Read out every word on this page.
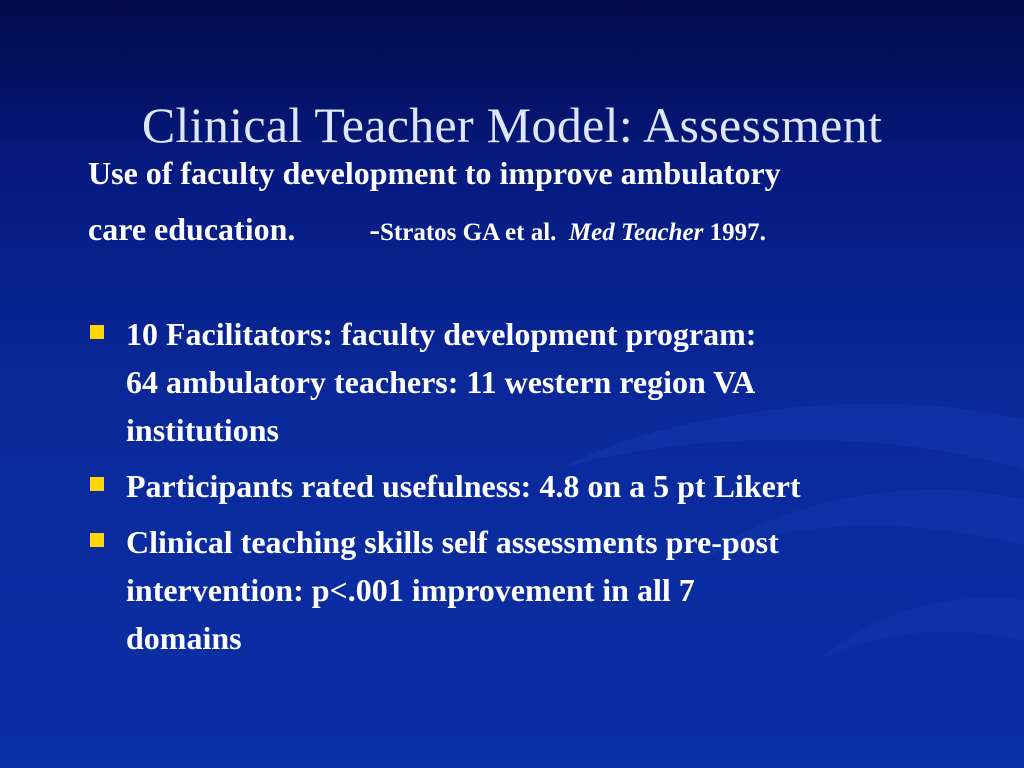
Clinical Teacher Model: Assessment
Use of faculty development to improve ambulatory
care education. -Stratos GA et al. Med Teacher 1997.
10 Facilitators: faculty development program:
64 ambulatory teachers: 11 western region VA
institutions
Participants rated usefulness: 4.8 on a 5 pt Likert
Clinical teaching skills self assessments pre-post
intervention: p<.001 improvement in all 7
domains
